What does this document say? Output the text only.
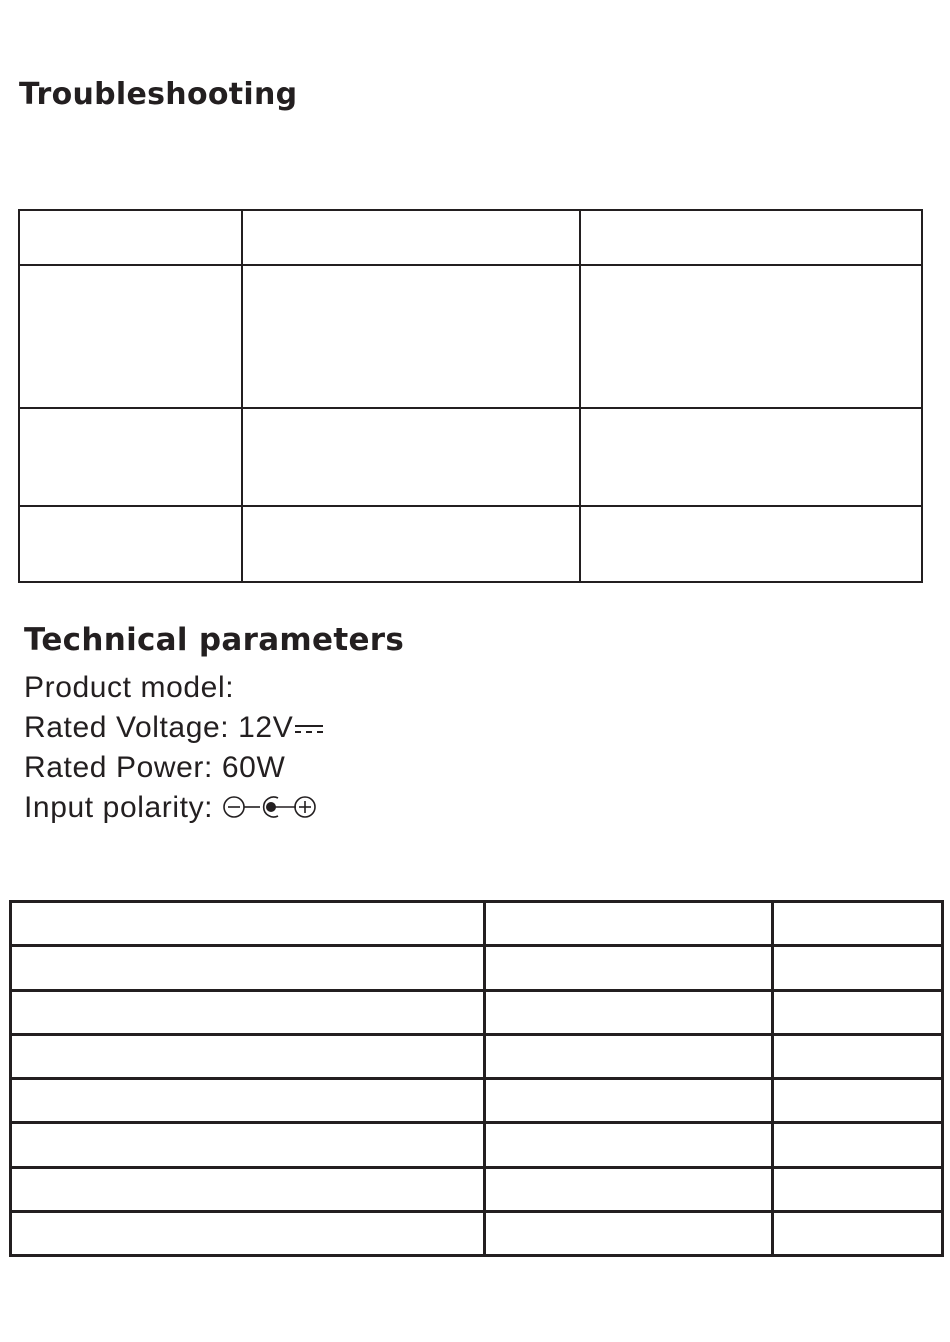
Troubleshooting

Technical parameters
Product model:
Rated Voltage: 12V
Rated Power: 60W
Input polarity:
